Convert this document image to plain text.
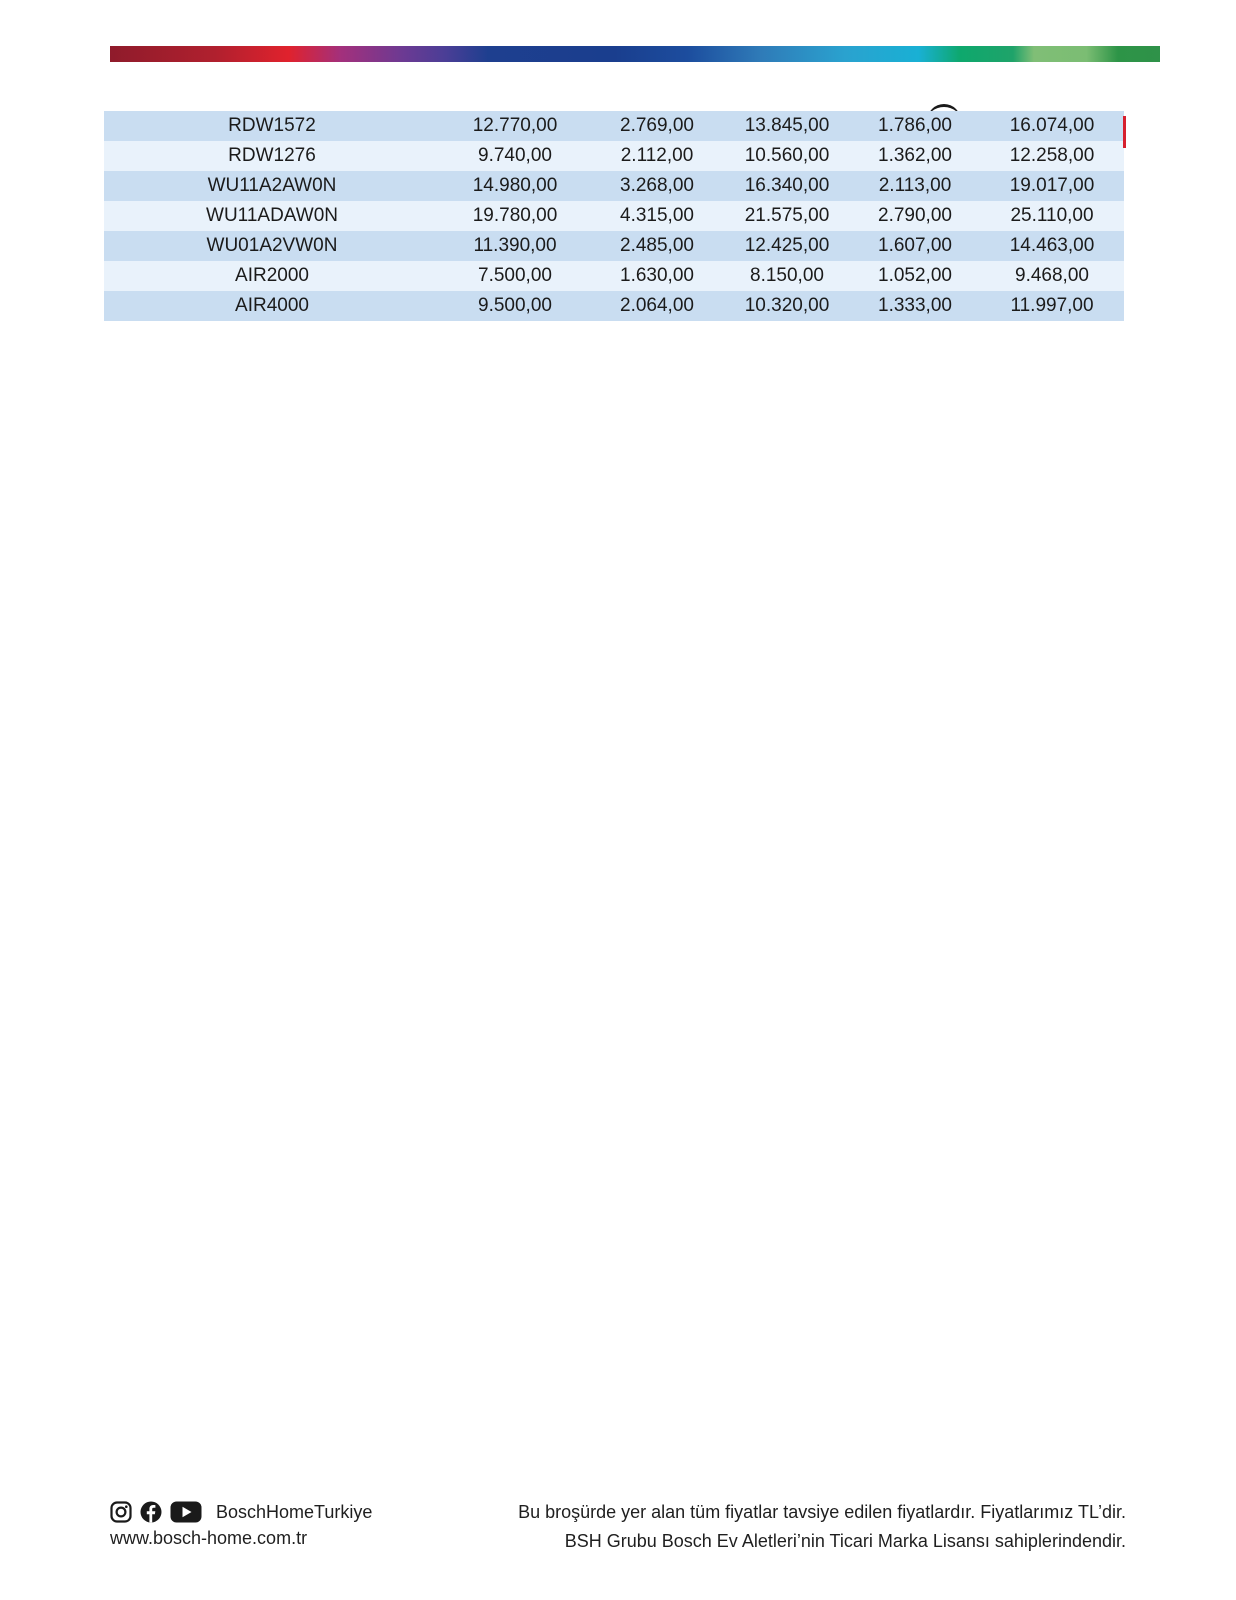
RDW1572	12.770,00	2.769,00	13.845,00	1.786,00	16.074,00
RDW1276	9.740,00	2.112,00	10.560,00	1.362,00	12.258,00
WU11A2AW0N	14.980,00	3.268,00	16.340,00	2.113,00	19.017,00
WU11ADAW0N	19.780,00	4.315,00	21.575,00	2.790,00	25.110,00
WU01A2VW0N	11.390,00	2.485,00	12.425,00	1.607,00	14.463,00
AIR2000	7.500,00	1.630,00	8.150,00	1.052,00	9.468,00
AIR4000	9.500,00	2.064,00	10.320,00	1.333,00	11.997,00
BoschHomeTurkiye
www.bosch-home.com.tr
Bu broşürde yer alan tüm fiyatlar tavsiye edilen fiyatlardır. Fiyatlarımız TL’dir.
BSH Grubu Bosch Ev Aletleri’nin Ticari Marka Lisansı sahiplerindendir.
